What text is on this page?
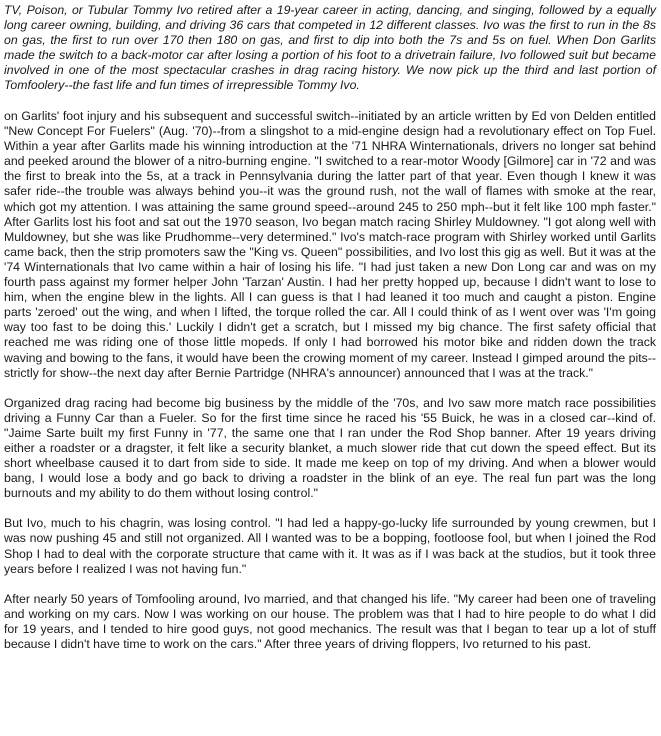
TV, Poison, or Tubular Tommy Ivo retired after a 19-year career in acting, dancing, and singing, followed by a equally long career owning, building, and driving 36 cars that competed in 12 different classes. Ivo was the first to run in the 8s on gas, the first to run over 170 then 180 on gas, and first to dip into both the 7s and 5s on fuel. When Don Garlits made the switch to a back-motor car after losing a portion of his foot to a drivetrain failure, Ivo followed suit but became involved in one of the most spectacular crashes in drag racing history. We now pick up the third and last portion of Tomfoolery--the fast life and fun times of irrepressible Tommy Ivo.

on Garlits' foot injury and his subsequent and successful switch--initiated by an article written by Ed von Delden entitled "New Concept For Fuelers" (Aug. '70)--from a slingshot to a mid-engine design had a revolutionary effect on Top Fuel. Within a year after Garlits made his winning introduction at the '71 NHRA Winternationals, drivers no longer sat behind and peeked around the blower of a nitro-burning engine. "I switched to a rear-motor Woody [Gilmore] car in '72 and was the first to break into the 5s, at a track in Pennsylvania during the latter part of that year. Even though I knew it was safer ride--the trouble was always behind you--it was the ground rush, not the wall of flames with smoke at the rear, which got my attention. I was attaining the same ground speed--around 245 to 250 mph--but it felt like 100 mph faster." After Garlits lost his foot and sat out the 1970 season, Ivo began match racing Shirley Muldowney. "I got along well with Muldowney, but she was like Prudhomme--very determined." Ivo's match-race program with Shirley worked until Garlits came back, then the strip promoters saw the "King vs. Queen" possibilities, and Ivo lost this gig as well. But it was at the '74 Winternationals that Ivo came within a hair of losing his life. "I had just taken a new Don Long car and was on my fourth pass against my former helper John 'Tarzan' Austin. I had her pretty hopped up, because I didn't want to lose to him, when the engine blew in the lights. All I can guess is that I had leaned it too much and caught a piston. Engine parts 'zeroed' out the wing, and when I lifted, the torque rolled the car. All I could think of as I went over was 'I'm going way too fast to be doing this.' Luckily I didn't get a scratch, but I missed my big chance. The first safety official that reached me was riding one of those little mopeds. If only I had borrowed his motor bike and ridden down the track waving and bowing to the fans, it would have been the crowing moment of my career. Instead I gimped around the pits--strictly for show--the next day after Bernie Partridge (NHRA's announcer) announced that I was at the track."

Organized drag racing had become big business by the middle of the '70s, and Ivo saw more match race possibilities driving a Funny Car than a Fueler. So for the first time since he raced his '55 Buick, he was in a closed car--kind of. "Jaime Sarte built my first Funny in '77, the same one that I ran under the Rod Shop banner. After 19 years driving either a roadster or a dragster, it felt like a security blanket, a much slower ride that cut down the speed effect. But its short wheelbase caused it to dart from side to side. It made me keep on top of my driving. And when a blower would bang, I would lose a body and go back to driving a roadster in the blink of an eye. The real fun part was the long burnouts and my ability to do them without losing control."

But Ivo, much to his chagrin, was losing control. "I had led a happy-go-lucky life surrounded by young crewmen, but I was now pushing 45 and still not organized. All I wanted was to be a bopping, footloose fool, but when I joined the Rod Shop I had to deal with the corporate structure that came with it. It was as if I was back at the studios, but it took three years before I realized I was not having fun."

After nearly 50 years of Tomfooling around, Ivo married, and that changed his life. "My career had been one of traveling and working on my cars. Now I was working on our house. The problem was that I had to hire people to do what I did for 19 years, and I tended to hire good guys, not good mechanics. The result was that I began to tear up a lot of stuff because I didn't have time to work on the cars." After three years of driving floppers, Ivo returned to his past.
